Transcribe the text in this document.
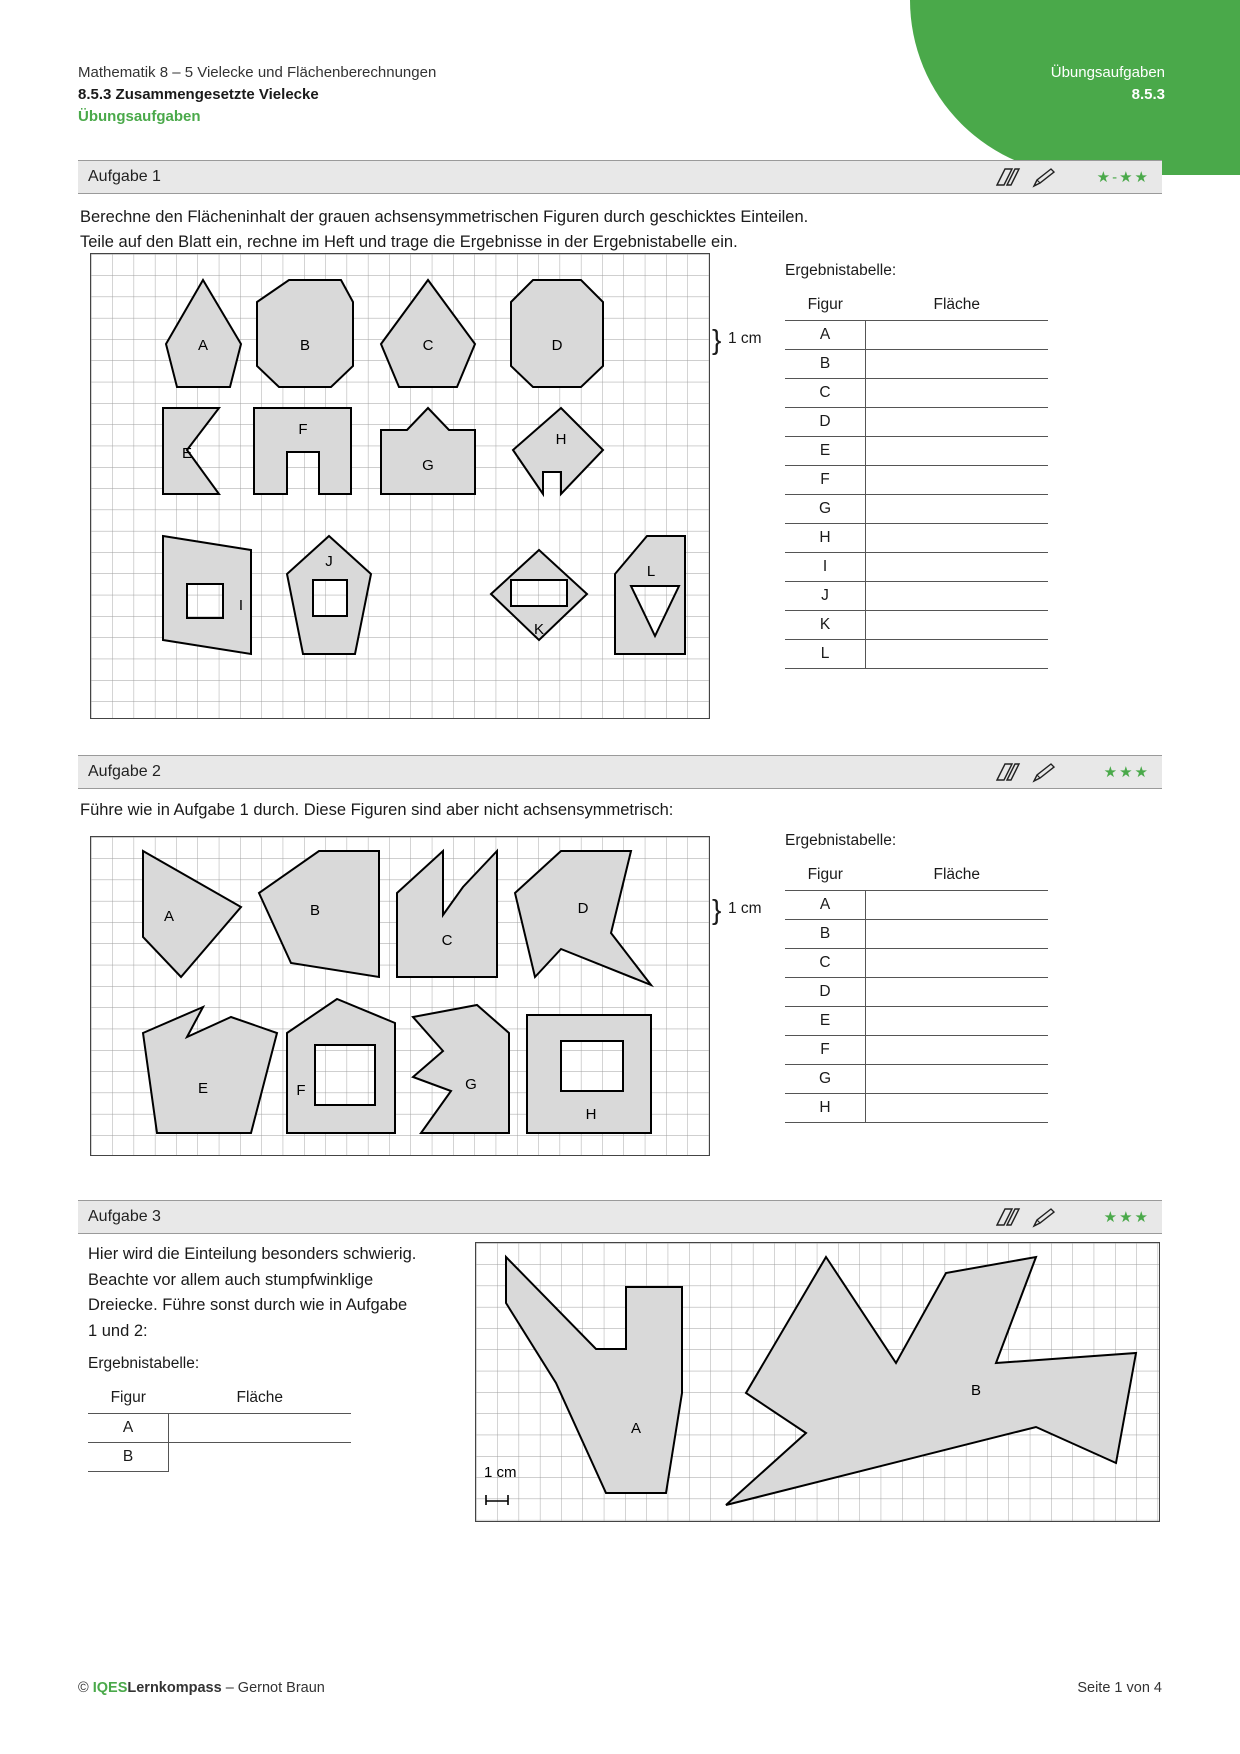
Übungsaufgaben
8.5.3
Mathematik 8 – 5 Vielecke und Flächenberechnungen
8.5.3 Zusammengesetzte Vielecke
Übungsaufgaben
Aufgabe 1	★-★★
Berechne den Flächeninhalt der grauen achsensymmetrischen Figuren durch geschicktes Einteilen.
Teile auf den Blatt ein, rechne im Heft und trage die Ergebnisse in der Ergebnistabelle ein.
A	B	C	D
E
F
G
H
I
J
K
L
} 1 cm
Ergebnistabelle:
Figur	Fläche
A	
B	
C	
D	
E	
F	
G	
H	
I	
J	
K	
L	
Aufgabe 2	★★★
Führe wie in Aufgabe 1 durch. Diese Figuren sind aber nicht achsensymmetrisch:
A	B
C
D
E	F	G
H
} 1 cm
Ergebnistabelle:
Figur	Fläche
A	
B	
C	
D	
E	
F	
G	
H	
Aufgabe 3	★★★
Hier wird die Einteilung besonders schwierig. Beachte vor allem auch stumpfwinklige Dreiecke. Führe sonst durch wie in Aufgabe 1 und 2:
Ergebnistabelle:
Figur	Fläche
A	
B	
A
B
1 cm
© IQESLernkompass – Gernot Braun	Seite 1 von 4
